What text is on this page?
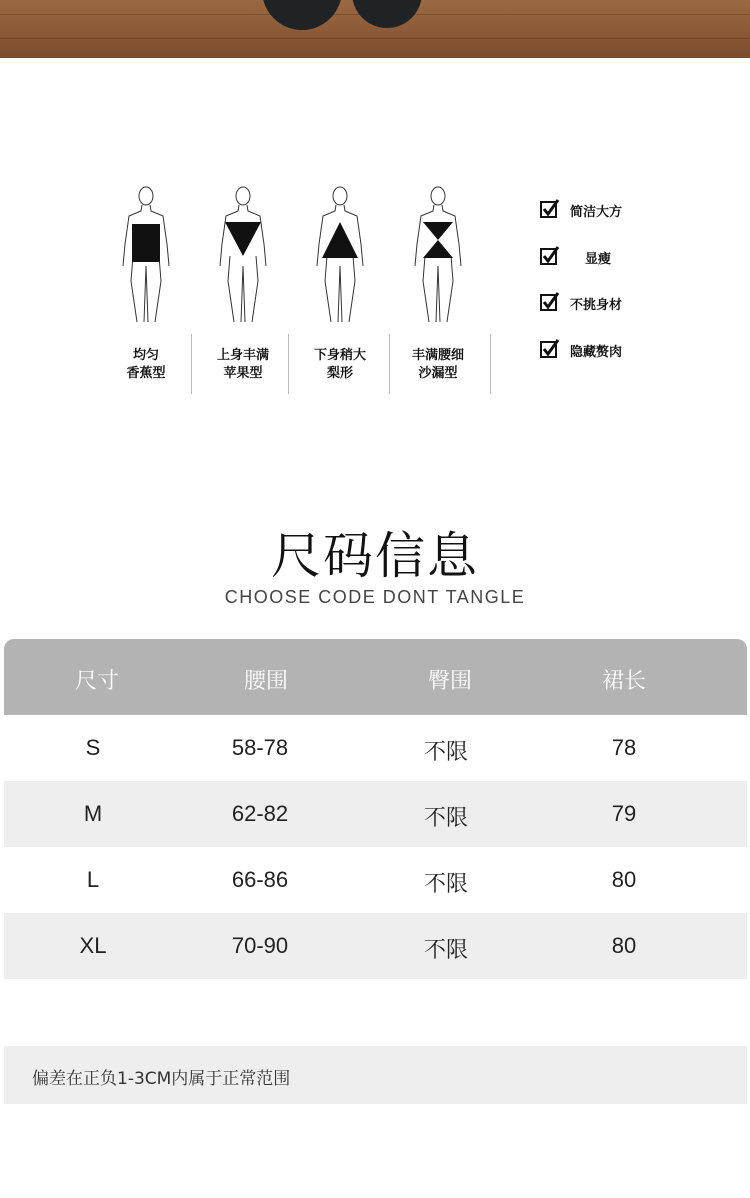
均匀
香蕉型
上身丰满
苹果型
下身稍大
梨形
丰满腰细
沙漏型
简洁大方
显瘦
不挑身材
隐藏赘肉
尺码信息
CHOOSE CODE DONT TANGLE
尺寸	腰围	臀围	裙长
S	58-78	不限	78
M	62-82	不限	79
L	66-86	不限	80
XL	70-90	不限	80
偏差在正负1-3CM内属于正常范围
